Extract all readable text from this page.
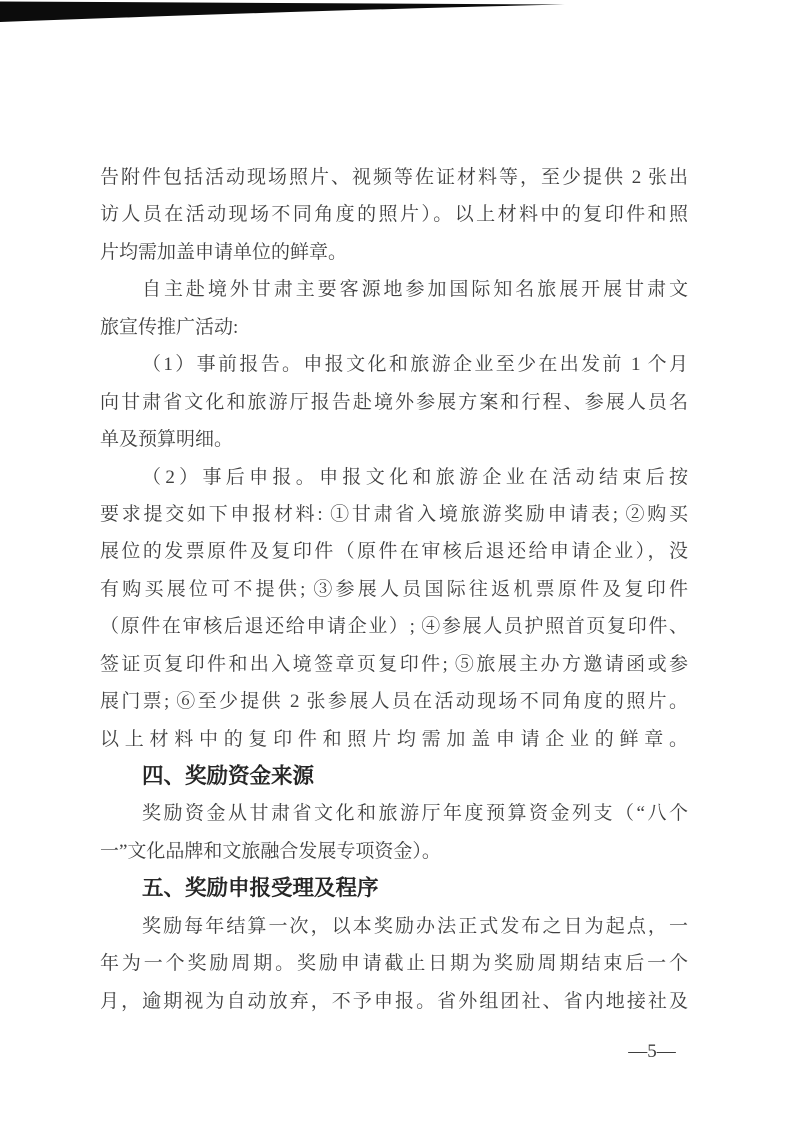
告附件包括活动现场照片、视频等佐证材料等，至少提供 2 张出
访人员在活动现场不同角度的照片）。以上材料中的复印件和照
片均需加盖申请单位的鲜章。
自主赴境外甘肃主要客源地参加国际知名旅展开展甘肃文
旅宣传推广活动:
（1）事前报告。申报文化和旅游企业至少在出发前 1 个月
向甘肃省文化和旅游厅报告赴境外参展方案和行程、参展人员名
单及预算明细。
（2）事后申报。申报文化和旅游企业在活动结束后按
要求提交如下申报材料: ①甘肃省入境旅游奖励申请表; ②购买
展位的发票原件及复印件（原件在审核后退还给申请企业），没
有购买展位可不提供; ③参展人员国际往返机票原件及复印件
（原件在审核后退还给申请企业）; ④参展人员护照首页复印件、
签证页复印件和出入境签章页复印件; ⑤旅展主办方邀请函或参
展门票; ⑥至少提供 2 张参展人员在活动现场不同角度的照片。
以上材料中的复印件和照片均需加盖申请企业的鲜章。
四、奖励资金来源
奖励资金从甘肃省文化和旅游厅年度预算资金列支（“八个
一”文化品牌和文旅融合发展专项资金）。
五、奖励申报受理及程序
奖励每年结算一次，以本奖励办法正式发布之日为起点，一
年为一个奖励周期。奖励申请截止日期为奖励周期结束后一个
月，逾期视为自动放弃，不予申报。省外组团社、省内地接社及
—5—
